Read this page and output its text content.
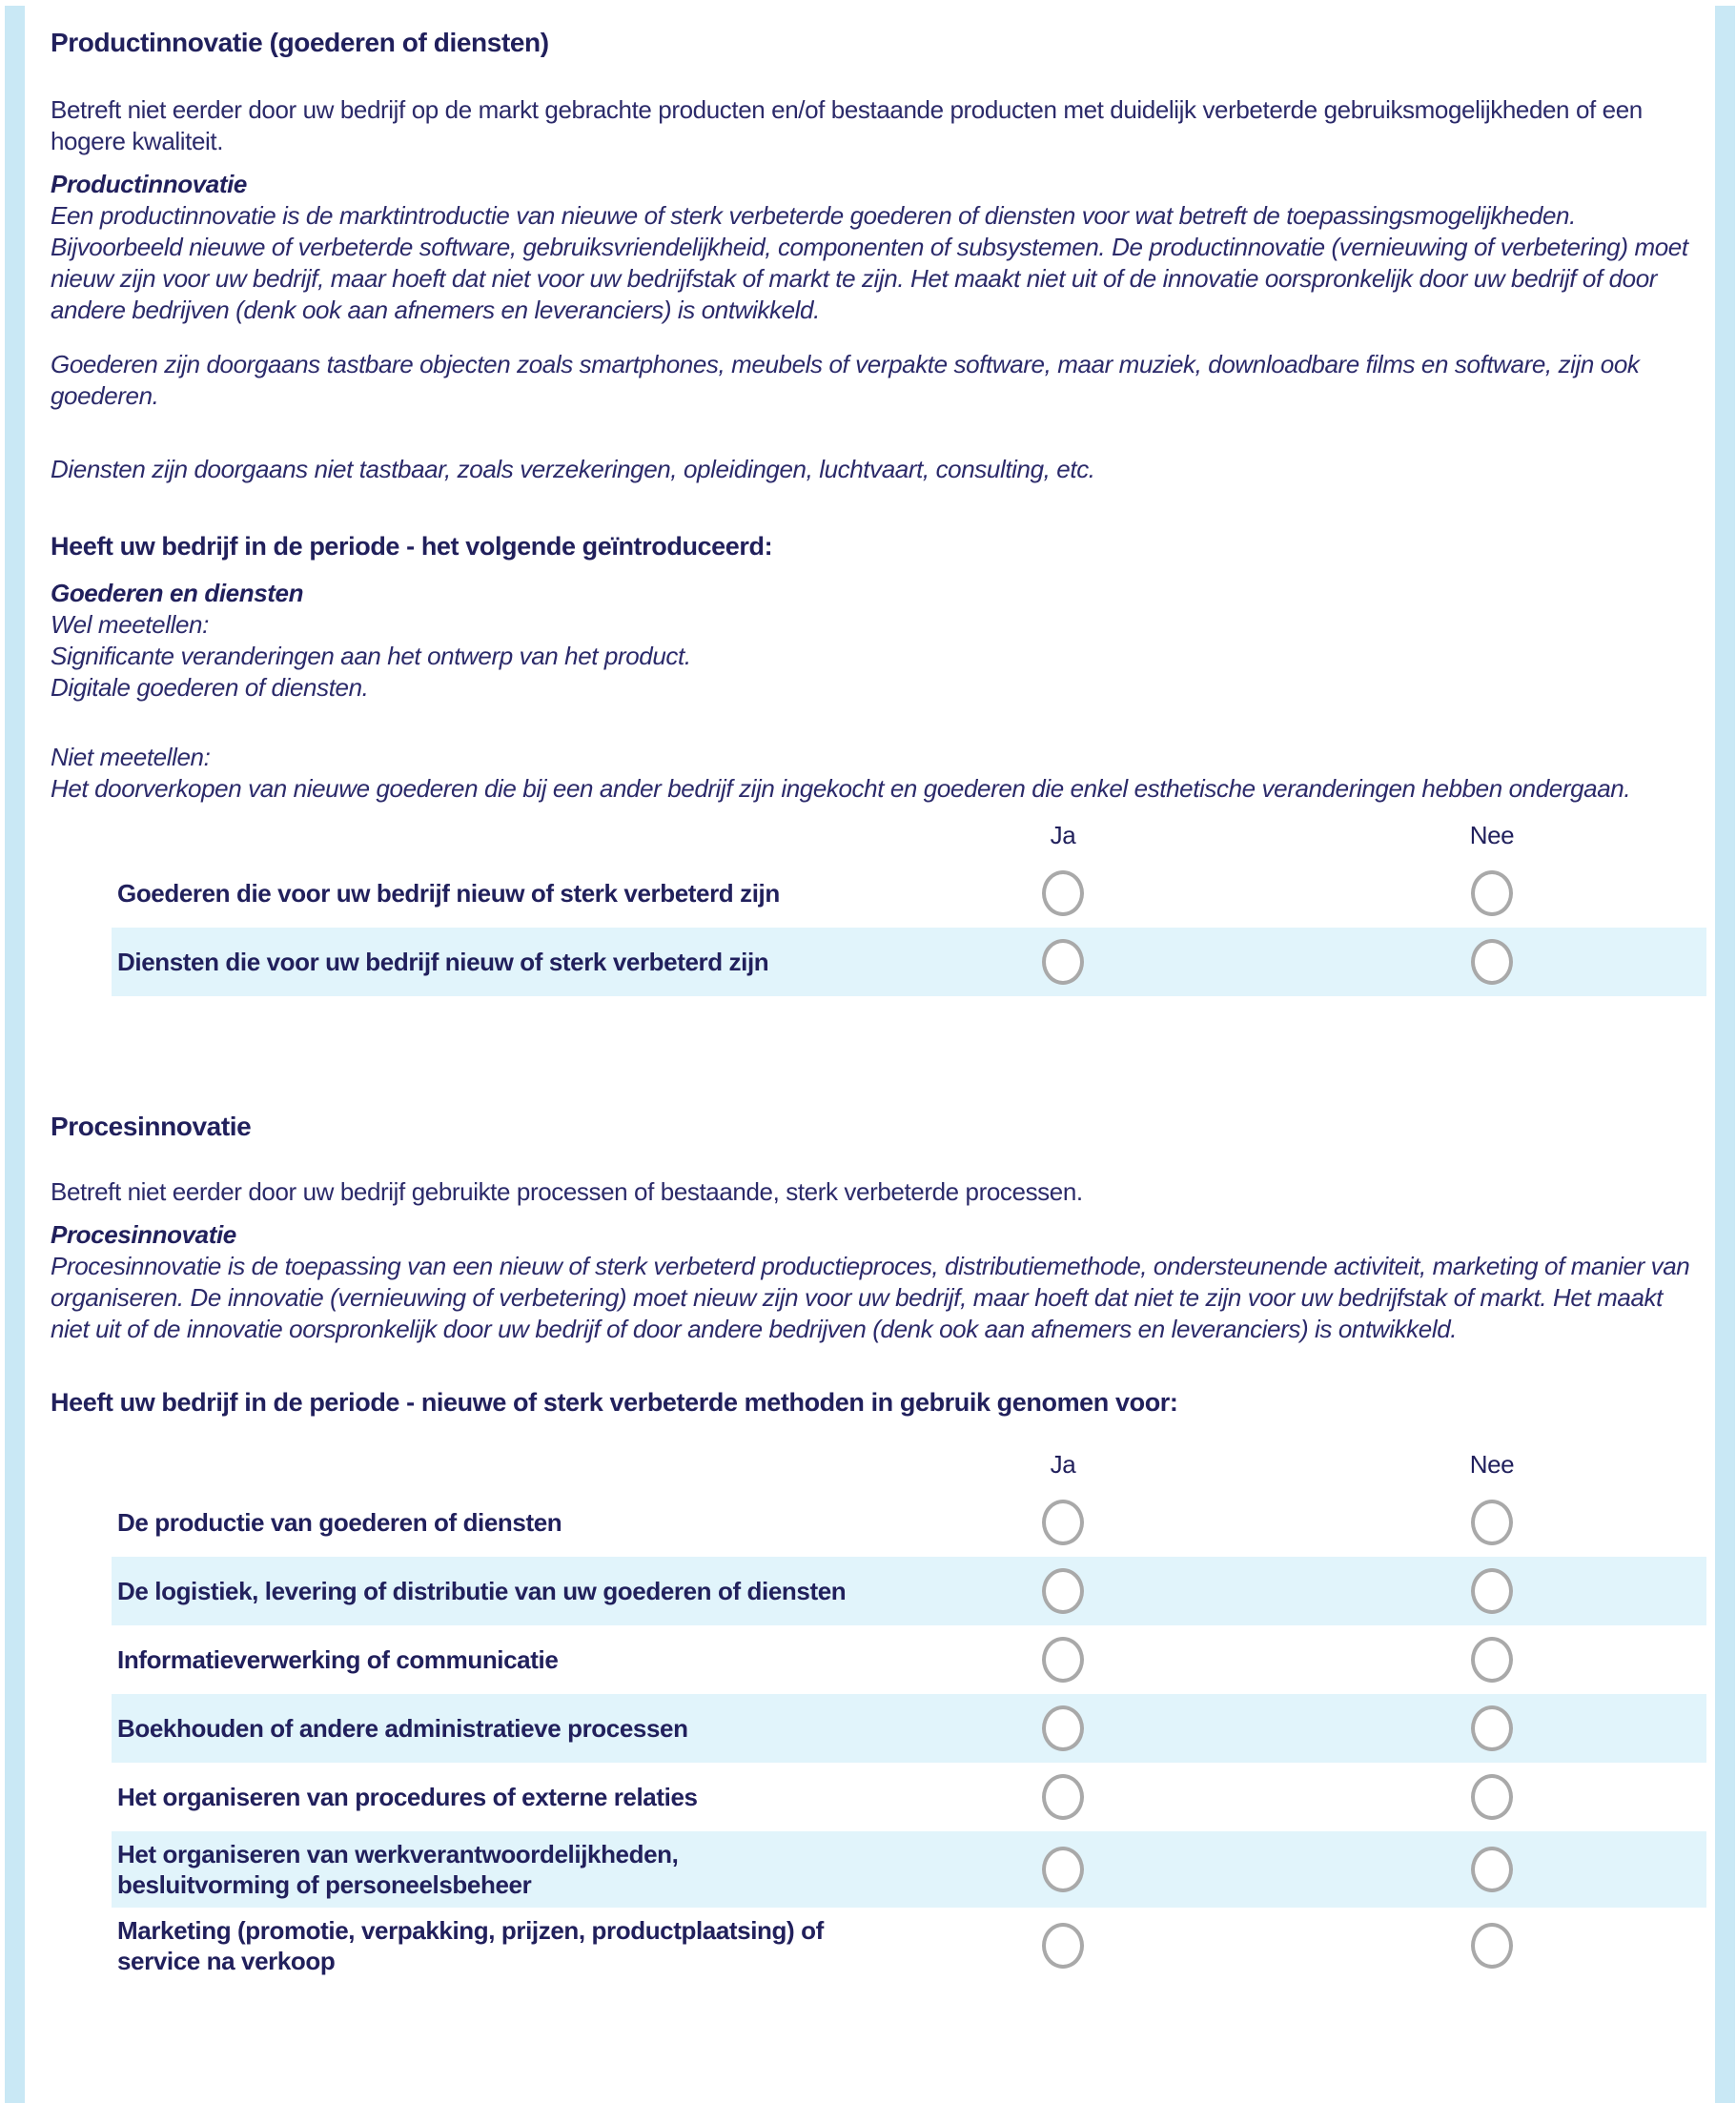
Productinnovatie (goederen of diensten)

Betreft niet eerder door uw bedrijf op de markt gebrachte producten en/of bestaande producten met duidelijk verbeterde gebruiksmogelijkheden of een hogere kwaliteit.

Productinnovatie

Een productinnovatie is de marktintroductie van nieuwe of sterk verbeterde goederen of diensten voor wat betreft de toepassingsmogelijkheden. Bijvoorbeeld nieuwe of verbeterde software, gebruiksvriendelijkheid, componenten of subsystemen. De productinnovatie (vernieuwing of verbetering) moet nieuw zijn voor uw bedrijf, maar hoeft dat niet voor uw bedrijfstak of markt te zijn. Het maakt niet uit of de innovatie oorspronkelijk door uw bedrijf of door andere bedrijven (denk ook aan afnemers en leveranciers) is ontwikkeld.

Goederen zijn doorgaans tastbare objecten zoals smartphones, meubels of verpakte software, maar muziek, downloadbare films en software, zijn ook goederen.

Diensten zijn doorgaans niet tastbaar, zoals verzekeringen, opleidingen, luchtvaart, consulting, etc.

Heeft uw bedrijf in de periode - het volgende geïntroduceerd:

Goederen en diensten

Wel meetellen:

Significante veranderingen aan het ontwerp van het product.

Digitale goederen of diensten.

Niet meetellen:

Het doorverkopen van nieuwe goederen die bij een ander bedrijf zijn ingekocht en goederen die enkel esthetische veranderingen hebben ondergaan.

Ja	Nee
Goederen die voor uw bedrijf nieuw of sterk verbeterd zijn
Diensten die voor uw bedrijf nieuw of sterk verbeterd zijn
Procesinnovatie

Betreft niet eerder door uw bedrijf gebruikte processen of bestaande, sterk verbeterde processen.

Procesinnovatie

Procesinnovatie is de toepassing van een nieuw of sterk verbeterd productieproces, distributiemethode, ondersteunende activiteit, marketing of manier van organiseren. De innovatie (vernieuwing of verbetering) moet nieuw zijn voor uw bedrijf, maar hoeft dat niet te zijn voor uw bedrijfstak of markt. Het maakt niet uit of de innovatie oorspronkelijk door uw bedrijf of door andere bedrijven (denk ook aan afnemers en leveranciers) is ontwikkeld.

Heeft uw bedrijf in de periode - nieuwe of sterk verbeterde methoden in gebruik genomen voor:

Ja	Nee
De productie van goederen of diensten
De logistiek, levering of distributie van uw goederen of diensten
Informatieverwerking of communicatie
Boekhouden of andere administratieve processen
Het organiseren van procedures of externe relaties
Het organiseren van werkverantwoordelijkheden, besluitvorming of personeelsbeheer
Marketing (promotie, verpakking, prijzen, productplaatsing) of service na verkoop
